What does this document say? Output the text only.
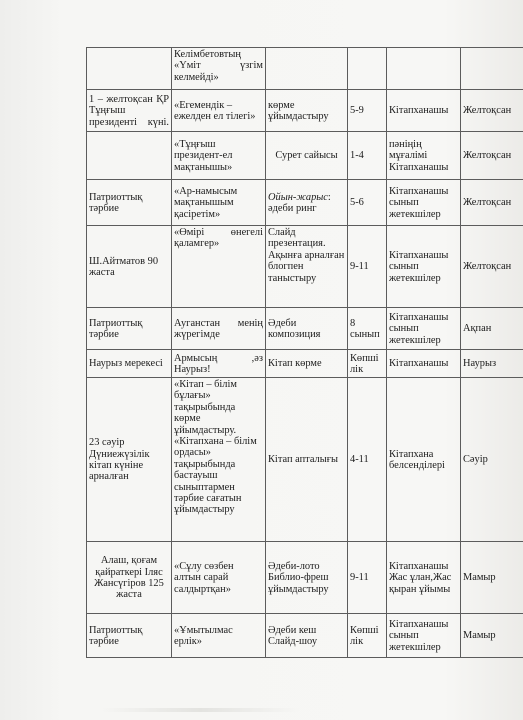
	Келімбетовтың «Үміт үзгім келмейді»				
1 – желтоқсан ҚР Тұңғыш президенті күні.	«Егемендік – ежелден ел тілегі»	көрме ұйымдастыру	5-9	Кітапханашы	Желтоқсан
	«Тұңғыш президент-ел мақтанышы»	Сурет сайысы	1-4	пәніңің мұғалімі Кітапханашы	Желтоқсан
Патриоттық тәрбие	«Ар-намысым мақтанышым қасіретім»	Ойын-жарыс: әдеби ринг	5-6	Кітапханашы сынып жетекшілер	Желтоқсан
Ш.Айтматов 90 жаста	«Өмірі өнегелі қаламгер»	Слайд презентация. Ақынға арналған блогпен таныстыру	9-11	Кітапханашы сынып жетекшілер	Желтоқсан
Патриоттық тәрбие	Ауганстан менің жүрегімде	Әдеби композиция	8 сынып	Кітапханашы сынып жетекшілер	Ақпан
Наурыз мерекесі	Армысың ,әз Наурыз!	Кітап көрме	Көпші лік	Кітапханашы	Наурыз
23 сәуір Дүниежүзілік кітап күніне арналған	«Кітап – білім бұлағы» тақырыбында көрме ұйымдастыру. «Кітапхана – білім ордасы» тақырыбында бастауыш сыныптармен тәрбие сағатын ұйымдастыру	Кітап апталығы	4-11	Кітапхана белсенділері	Сәуір
Алаш, қоғам қайраткері Іляс Жансүгіров 125 жаста	«Сұлу сөзбен алтын сарай салдыртқан»	Әдеби-лото Библио-фреш ұйымдастыру	9-11	Кітапханашы Жас ұлан,Жас қыран ұйымы	Мамыр
Патриоттық тәрбие	«Ұмытылмас ерлік»	Әдеби кеш Слайд-шоу	Көпші лік	Кітапханашы сынып жетекшілер	Мамыр
